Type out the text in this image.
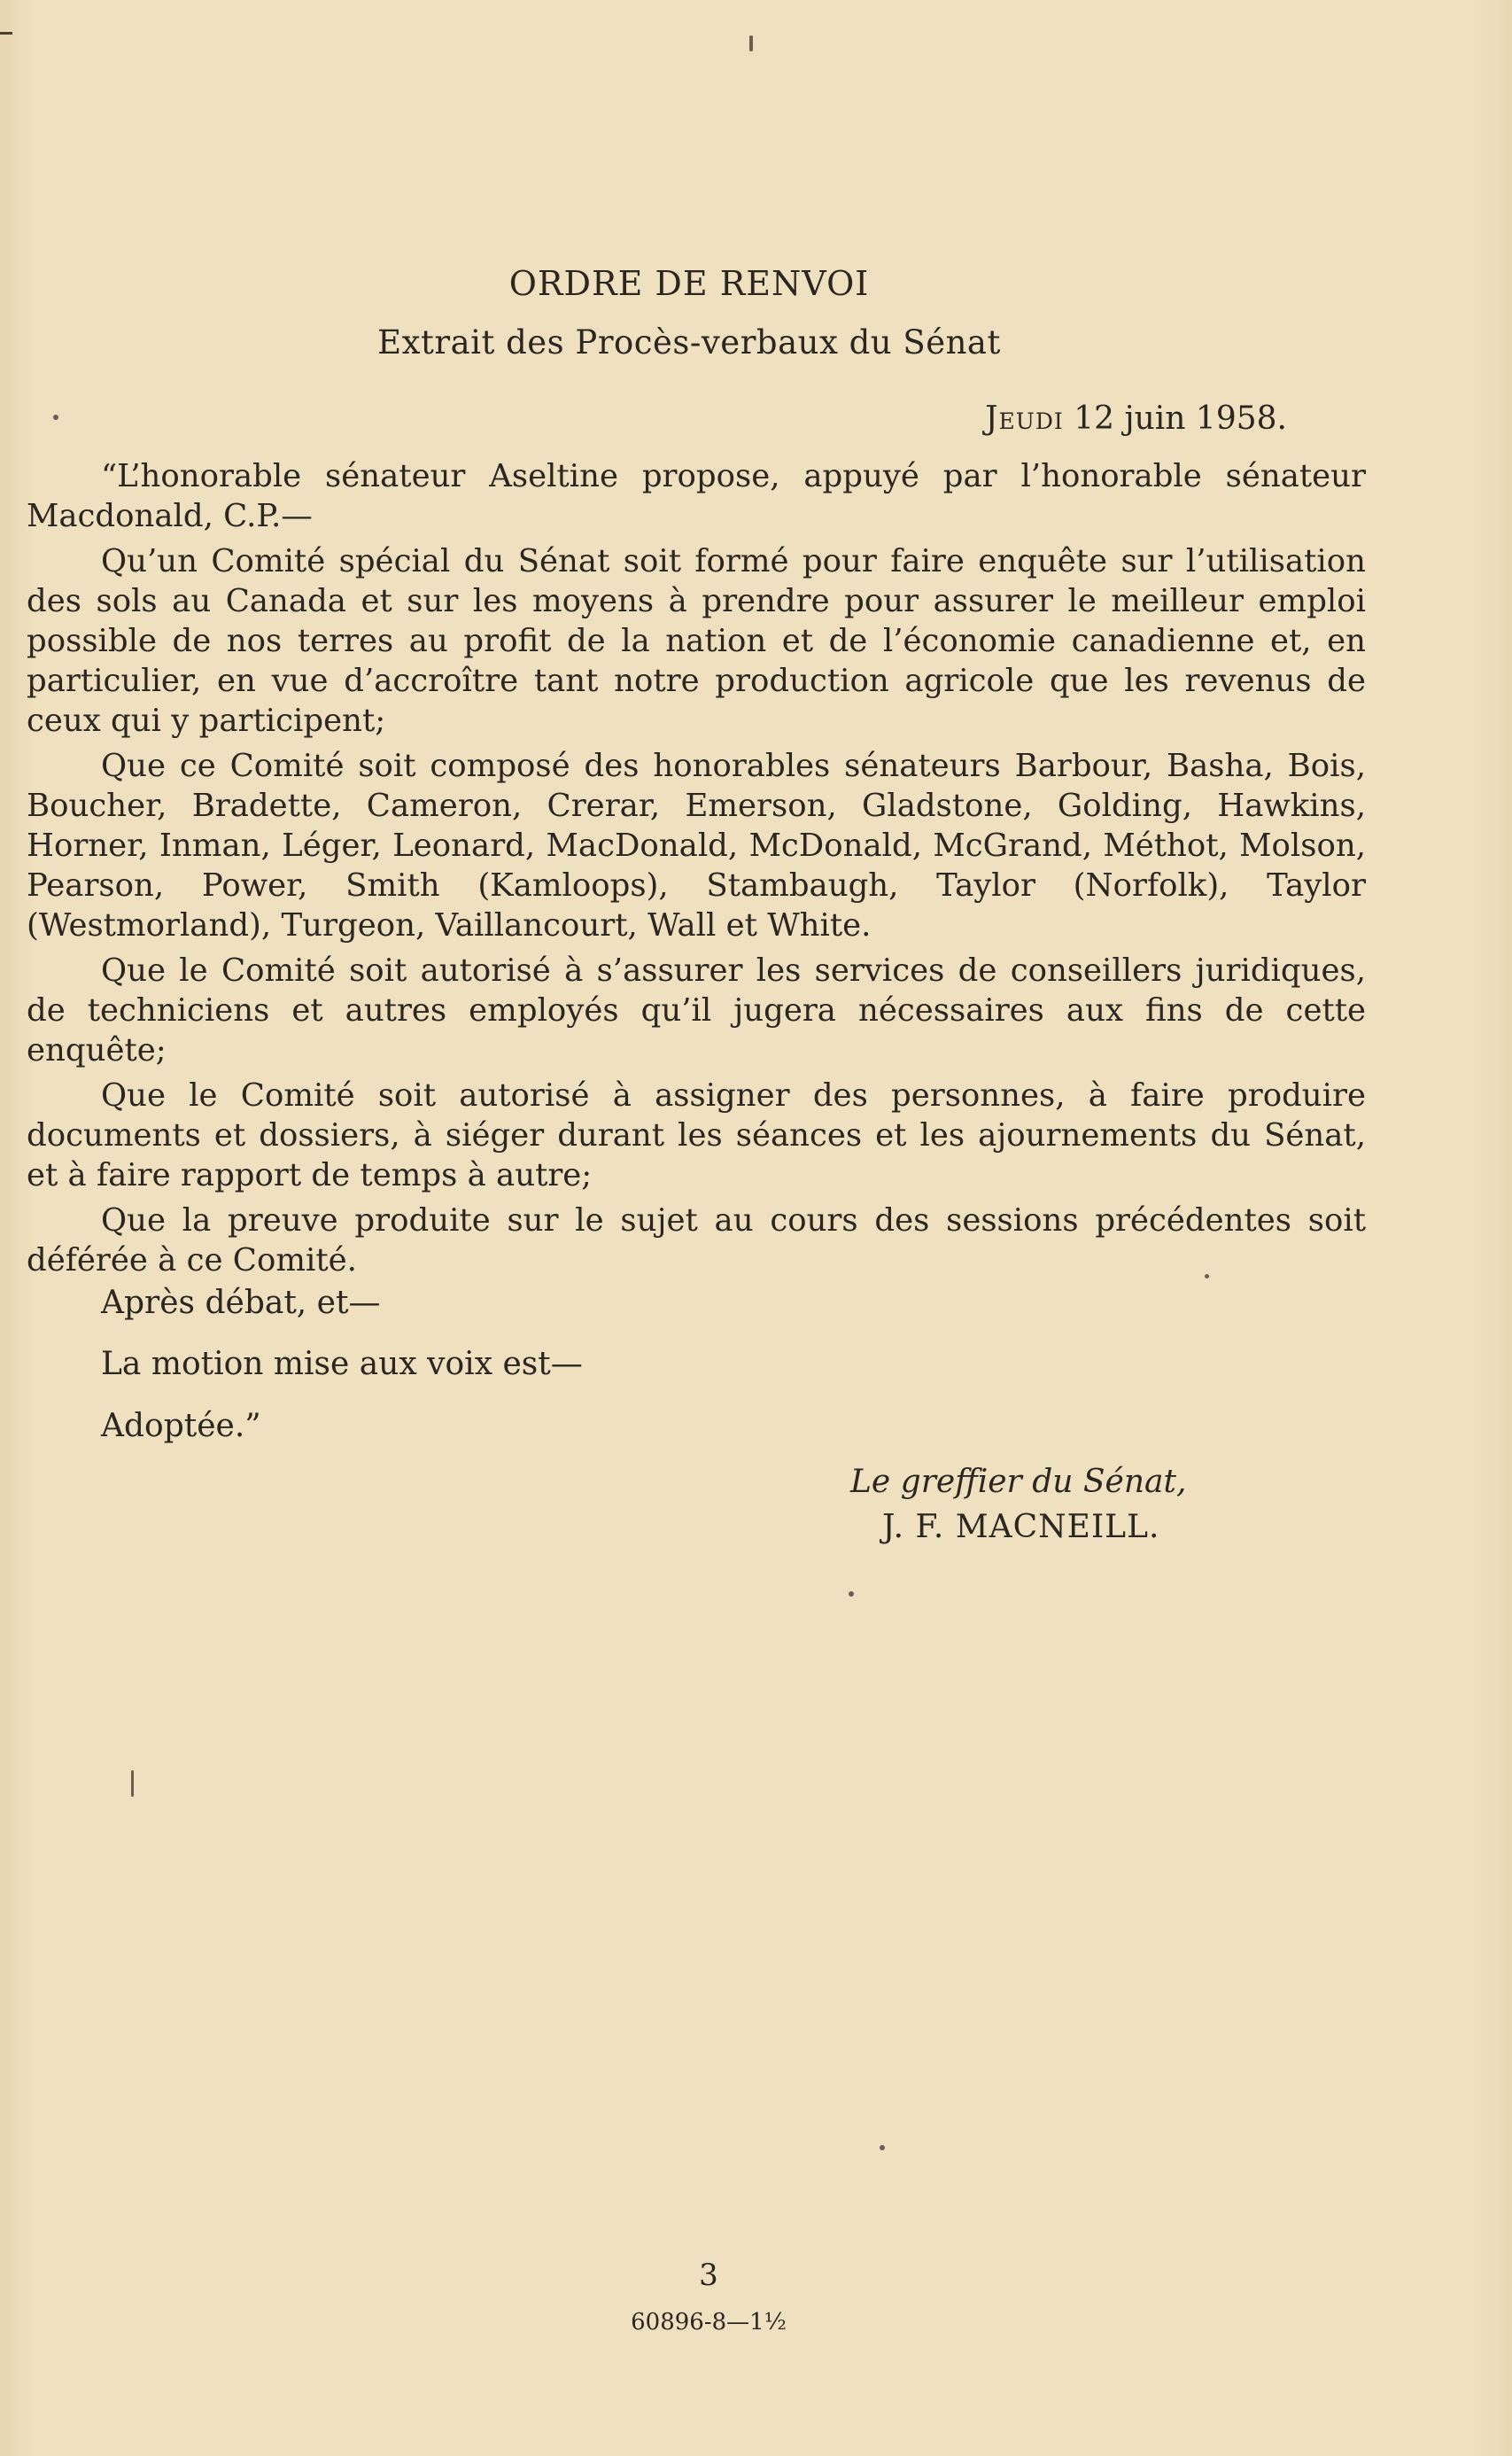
ORDRE DE RENVOI
Extrait des Procès-verbaux du Sénat
Jeudi 12 juin 1958.

“L’honorable sénateur Aseltine propose, appuyé par l’honorable sénateur Macdonald, C.P.—

Qu’un Comité spécial du Sénat soit formé pour faire enquête sur l’utilisation des sols au Canada et sur les moyens à prendre pour assurer le meilleur emploi possible de nos terres au profit de la nation et de l’économie canadienne et, en particulier, en vue d’accroître tant notre production agricole que les revenus de ceux qui y participent;

Que ce Comité soit composé des honorables sénateurs Barbour, Basha, Bois, Boucher, Bradette, Cameron, Crerar, Emerson, Gladstone, Golding, Hawkins, Horner, Inman, Léger, Leonard, MacDonald, McDonald, McGrand, Méthot, Molson, Pearson, Power, Smith (Kamloops), Stambaugh, Taylor (Norfolk), Taylor (Westmorland), Turgeon, Vaillancourt, Wall et White.

Que le Comité soit autorisé à s’assurer les services de conseillers juridiques, de techniciens et autres employés qu’il jugera nécessaires aux fins de cette enquête;

Que le Comité soit autorisé à assigner des personnes, à faire produire documents et dossiers, à siéger durant les séances et les ajournements du Sénat, et à faire rapport de temps à autre;

Que la preuve produite sur le sujet au cours des sessions précédentes soit déférée à ce Comité.

Après débat, et—
La motion mise aux voix est—
Adoptée.”
Le greffier du Sénat,
J. F. MACNEILL.
3
60896-8—1½
